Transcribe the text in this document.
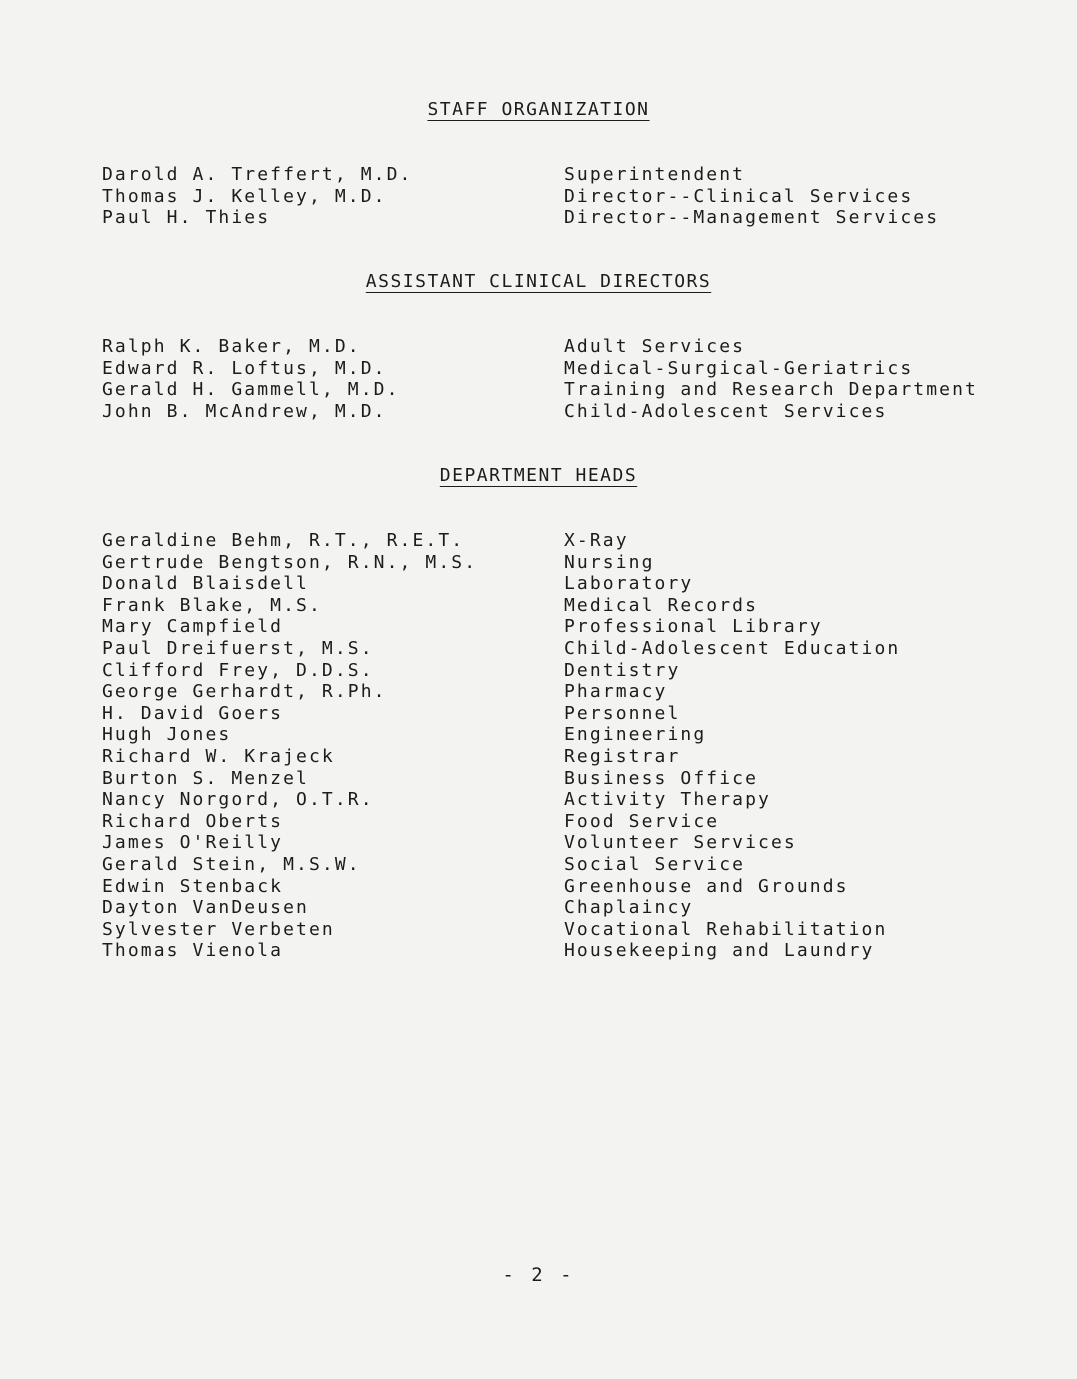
STAFF ORGANIZATION
Darold A. Treffert, M.D.	Superintendent
Thomas J. Kelley, M.D.	Director--Clinical Services
Paul H. Thies	Director--Management Services
ASSISTANT CLINICAL DIRECTORS
Ralph K. Baker, M.D.	Adult Services
Edward R. Loftus, M.D.	Medical-Surgical-Geriatrics
Gerald H. Gammell, M.D.	Training and Research Department
John B. McAndrew, M.D.	Child-Adolescent Services
DEPARTMENT HEADS
Geraldine Behm, R.T., R.E.T.	X-Ray
Gertrude Bengtson, R.N., M.S.	Nursing
Donald Blaisdell	Laboratory
Frank Blake, M.S.	Medical Records
Mary Campfield	Professional Library
Paul Dreifuerst, M.S.	Child-Adolescent Education
Clifford Frey, D.D.S.	Dentistry
George Gerhardt, R.Ph.	Pharmacy
H. David Goers	Personnel
Hugh Jones	Engineering
Richard W. Krajeck	Registrar
Burton S. Menzel	Business Office
Nancy Norgord, O.T.R.	Activity Therapy
Richard Oberts	Food Service
James O'Reilly	Volunteer Services
Gerald Stein, M.S.W.	Social Service
Edwin Stenback	Greenhouse and Grounds
Dayton VanDeusen	Chaplaincy
Sylvester Verbeten	Vocational Rehabilitation
Thomas Vienola	Housekeeping and Laundry
- 2 -
